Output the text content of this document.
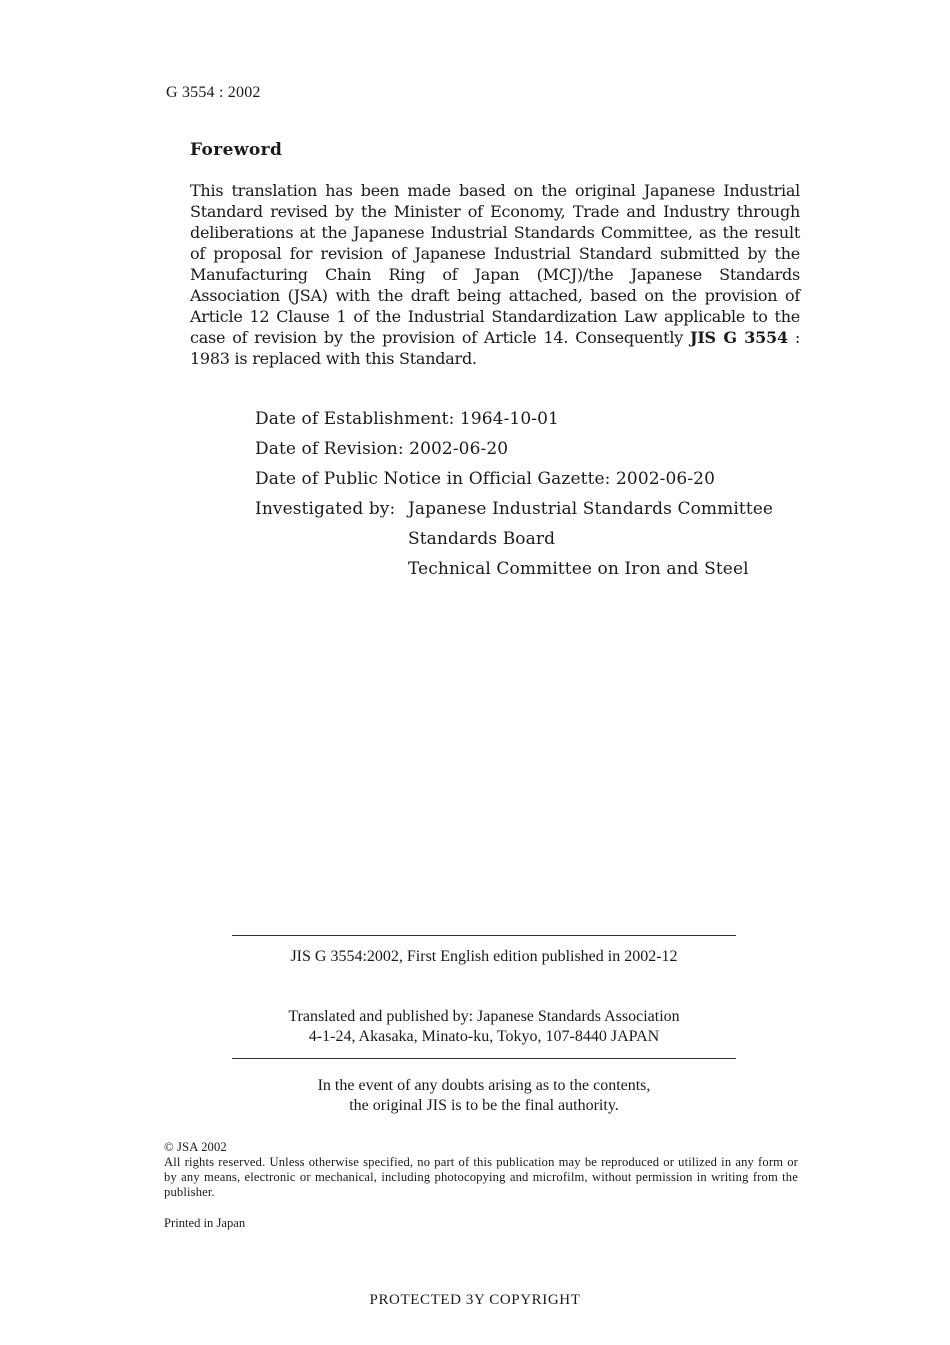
G 3554 : 2002
Foreword
This translation has been made based on the original Japanese Industrial Standard revised by the Minister of Economy, Trade and Industry through deliberations at the Japanese Industrial Standards Committee, as the result of proposal for revision of Japanese Industrial Standard submitted by the Manufacturing Chain Ring of Japan (MCJ)/the Japanese Standards Association (JSA) with the draft being attached, based on the provision of Article 12 Clause 1 of the Industrial Standardization Law applicable to the case of revision by the provision of Article 14. Consequently JIS G 3554 : 1983 is replaced with this Standard.
Date of Establishment: 1964-10-01
Date of Revision: 2002-06-20
Date of Public Notice in Official Gazette: 2002-06-20
Investigated by: Japanese Industrial Standards Committee
Standards Board
Technical Committee on Iron and Steel
JIS G 3554:2002, First English edition published in 2002-12
Translated and published by: Japanese Standards Association
4-1-24, Akasaka, Minato-ku, Tokyo, 107-8440 JAPAN
In the event of any doubts arising as to the contents,
the original JIS is to be the final authority.
© JSA 2002
All rights reserved. Unless otherwise specified, no part of this publication may be reproduced or utilized in any form or by any means, electronic or mechanical, including photocopying and microfilm, without permission in writing from the publisher.
Printed in Japan
PROTECTED 3Y COPYRIGHT
